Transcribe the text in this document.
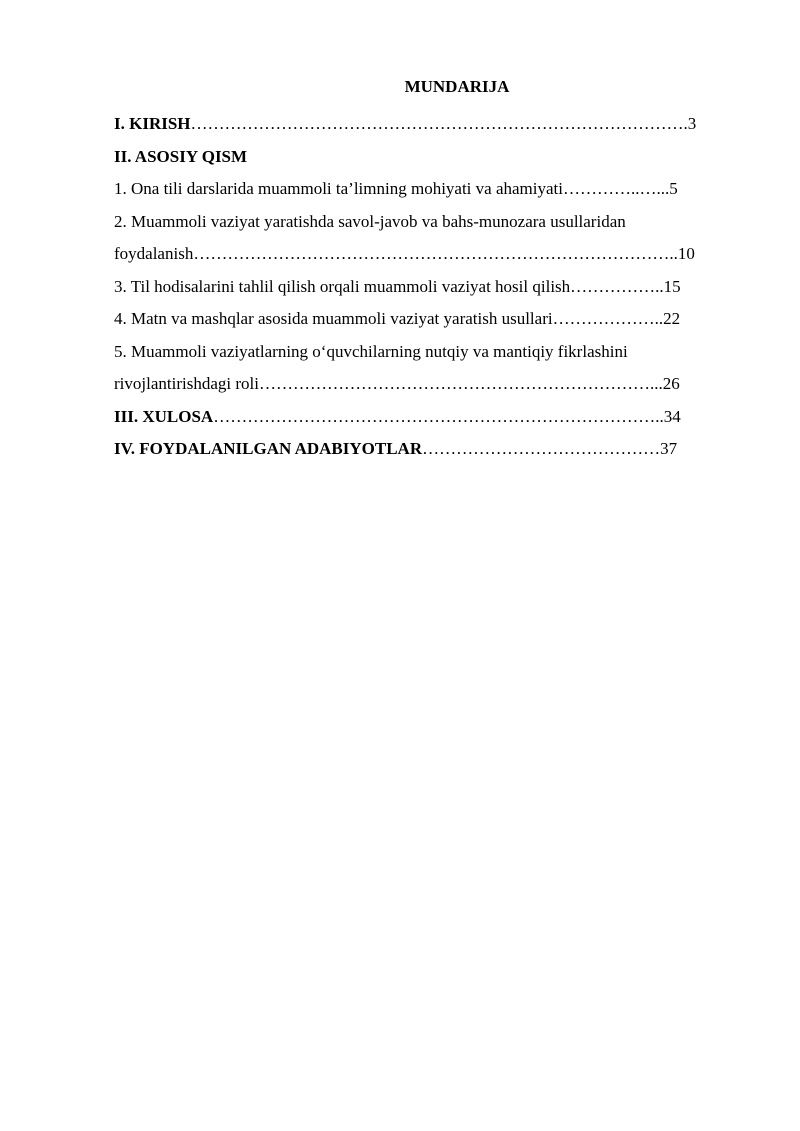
MUNDARIJA
I. KIRISH…………………………………………………………………………….3
II. ASOSIY QISM
1. Ona tili darslarida muammoli ta’limning mohiyati va ahamiyati…………..…...5
2. Muammoli vaziyat yaratishda savol-javob va bahs-munozara usullaridan
foydalanish…………………………………………………………………………..10
3. Til hodisalarini tahlil qilish orqali muammoli vaziyat hosil qilish……………..15
4. Matn va mashqlar asosida muammoli vaziyat yaratish usullari………………..22
5. Muammoli vaziyatlarning o‘quvchilarning nutqiy va mantiqiy fikrlashini
rivojlantirishdagi roli……………………………………………………………...26
III. XULOSA……………………………………………………………………..34
IV. FOYDALANILGAN ADABIYOTLAR……………………………………37
